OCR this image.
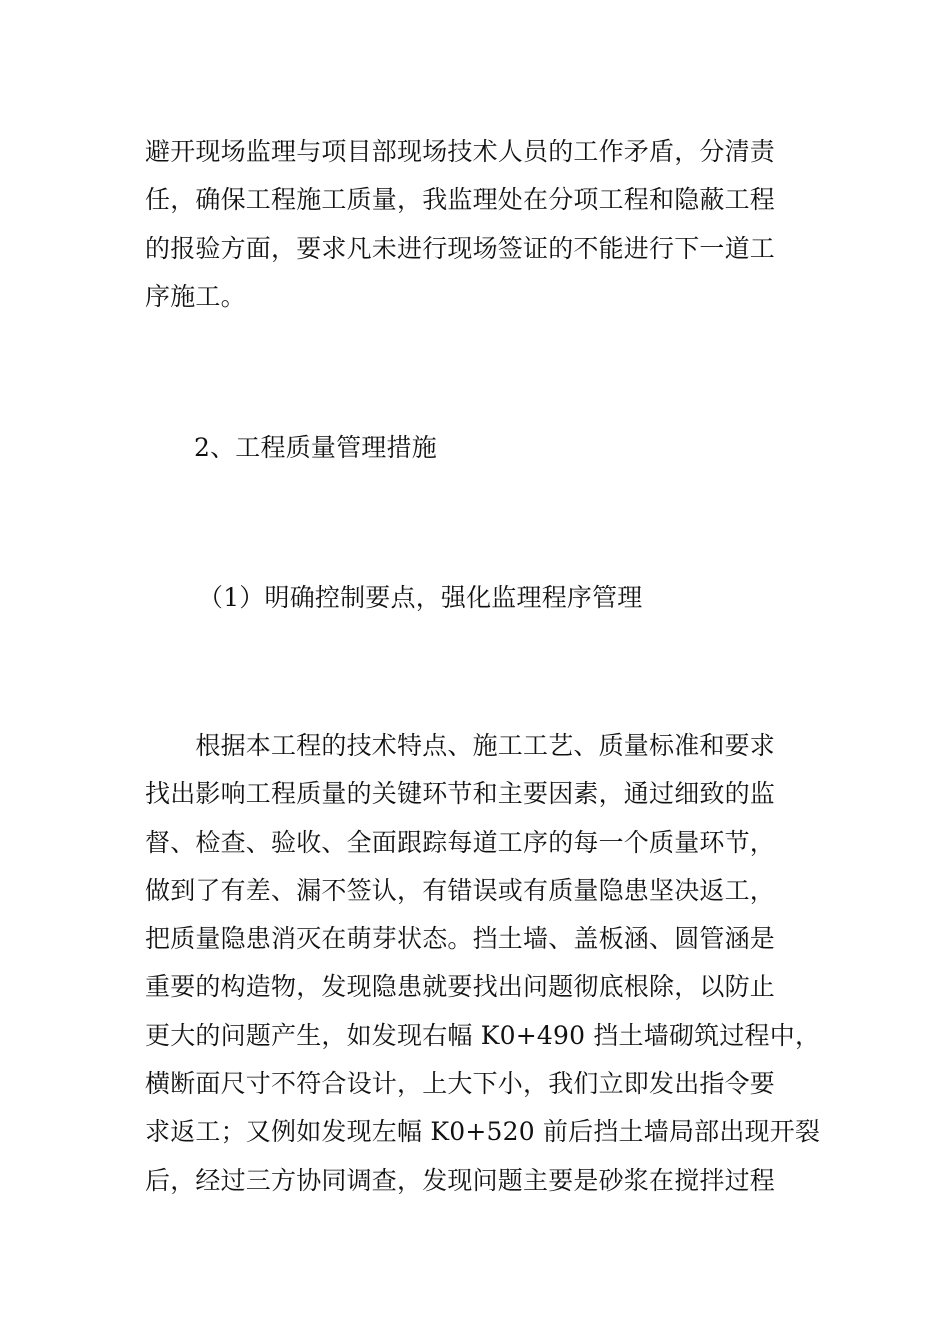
避开现场监理与项目部现场技术人员的工作矛盾，分清责
任，确保工程施工质量，我监理处在分项工程和隐蔽工程
的报验方面，要求凡未进行现场签证的不能进行下一道工
序施工。
2、工程质量管理措施
（1）明确控制要点，强化监理程序管理
　　根据本工程的技术特点、施工工艺、质量标准和要求
找出影响工程质量的关键环节和主要因素，通过细致的监
督、检查、验收、全面跟踪每道工序的每一个质量环节，
做到了有差、漏不签认，有错误或有质量隐患坚决返工，
把质量隐患消灭在萌芽状态。挡土墙、盖板涵、圆管涵是
重要的构造物，发现隐患就要找出问题彻底根除，以防止
更大的问题产生，如发现右幅 K0+490 挡土墙砌筑过程中，
横断面尺寸不符合设计，上大下小，我们立即发出指令要
求返工；又例如发现左幅 K0+520 前后挡土墙局部出现开裂
后，经过三方协同调查，发现问题主要是砂浆在搅拌过程
